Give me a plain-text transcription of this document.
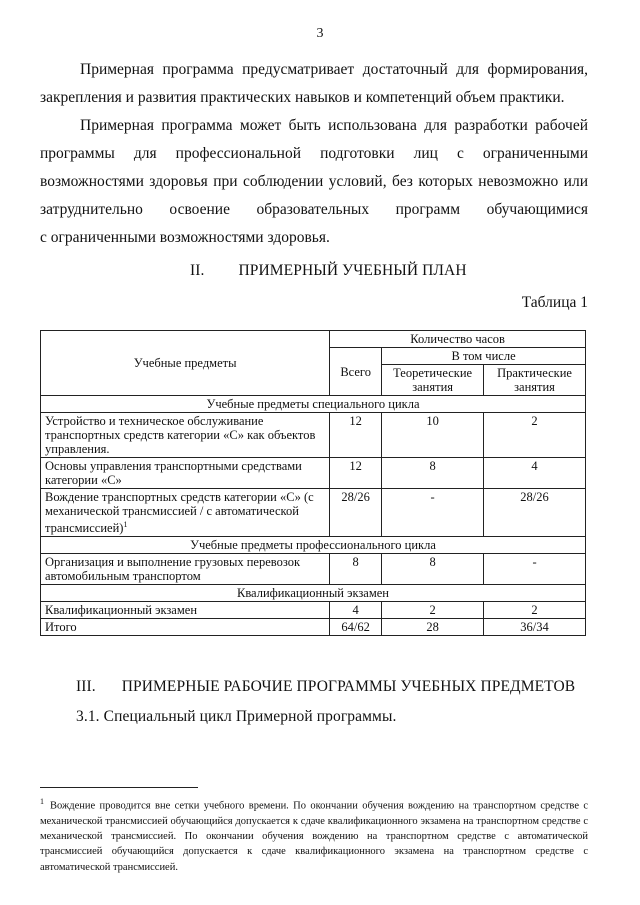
3

Примерная программа предусматривает достаточный для формирования,
закрепления и развития практических навыков и компетенций объем практики.

Примерная программа может быть использована для разработки рабочей
программы для профессиональной подготовки лиц с ограниченными
возможностями здоровья при соблюдении условий, без которых невозможно или
затруднительно освоение образовательных программ обучающимися
с ограниченными возможностями здоровья.

II. ПРИМЕРНЫЙ УЧЕБНЫЙ ПЛАН
Таблица 1
Учебные предметы	Количество часов		
	Всего	В том числе	
		Теоретические занятия	Практические занятия
Учебные предметы специального цикла			
Устройство и техническое обслуживание транспортных средств категории «С» как объектов управления.	12	10	2
Основы управления транспортными средствами категории «С»	12	8	4
Вождение транспортных средств категории «С» (с механической трансмиссией / с автоматической трансмиссией)$^1$	28/26	-	28/26
Учебные предметы профессионального цикла			
Организация и выполнение грузовых перевозок автомобильным транспортом	8	8	-
Квалификационный экзамен			
Квалификационный экзамен	4	2	2
Итого	64/62	28	36/34
III. ПРИМЕРНЫЕ РАБОЧИЕ ПРОГРАММЫ УЧЕБНЫХ ПРЕДМЕТОВ
3.1. Специальный цикл Примерной программы.
$^1$ Вождение проводится вне сетки учебного времени. По окончании обучения вождению на транспортном средстве с механической трансмиссией обучающийся допускается к сдаче квалификационного экзамена на транспортном средстве с механической трансмиссией. По окончании обучения вождению на транспортном средстве с автоматической трансмиссией обучающийся допускается к сдаче квалификационного экзамена на транспортном средстве с автоматической трансмиссией.
